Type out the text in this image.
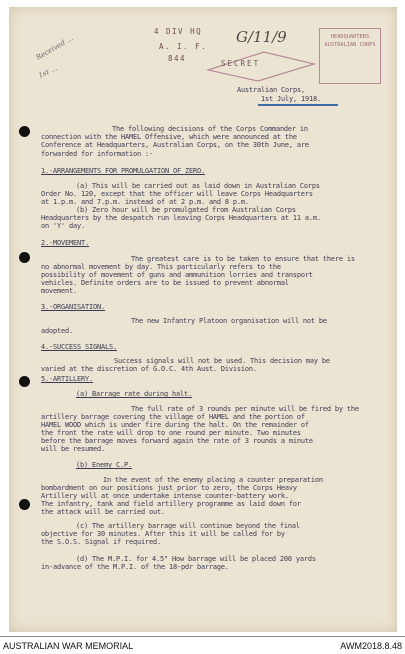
4 DIV HQ
A. I. F.
844
SECRET
HEADQUARTERS
AUSTRALIAN CORPS
G/11/9
Received ...
1st ...
Australian Corps,
1st July, 1918.
The following decisions of the Corps Commander in
connection with the HAMEL Offensive, which were announced at the
Conference at Headquarters, Australian Corps, on the 30th June, are
forwarded for information :-
1.-ARRANGEMENTS FOR PROMULGATION OF ZERO.
(a) This will be carried out as laid down in Australian Corps
Order No. 120, except that the officer will leave Corps Headquarters
at 1.p.m. and 7.p.m. instead of at 2 p.m. and 8 p.m.
(b) Zero hour will be promulgated from Australian Corps
Headquarters by the despatch run leaving Corps Headquarters at 11 a.m.
on 'Y' day.
2.-MOVEMENT.
The greatest care is to be taken to ensure that there is
no abnormal movement by day. This particularly refers to the
possibility of movement of guns and ammunition lorries and transport
vehicles. Definite orders are to be issued to prevent abnormal
movement.
3.-ORGANISATION.
The new Infantry Platoon organisation will not be
adopted.
4.-SUCCESS SIGNALS.
Success signals will not be used. This decision may be
varied at the discretion of G.O.C. 4th Aust. Division.
5.-ARTILLERY.
(a) Barrage rate during halt.
The full rate of 3 rounds per minute will be fired by the
artillery barrage covering the village of HAMEL and the portion of
HAMEL WOOD which is under fire during the halt. On the remainder of
the front the rate will drop to one round per minute. Two minutes
before the barrage moves forward again the rate of 3 rounds a minute
will be resumed.
(b) Enemy C.P.
In the event of the enemy placing a counter preparation
bombardment on our positions just prior to zero, the Corps Heavy
Artillery will at once undertake intense counter-battery work.
The infantry, tank and field artillery programme as laid down for
the attack will be carried out.
(c) The artillery barrage will continue beyond the final
objective for 30 minutes. After this it will be called for by
the S.O.S. Signal if required.
(d) The M.P.I. for 4.5" How barrage will be placed 200 yards
in-advance of the M.P.I. of the 18-pdr barrage.
AUSTRALIAN WAR MEMORIAL	AWM2018.8.48
